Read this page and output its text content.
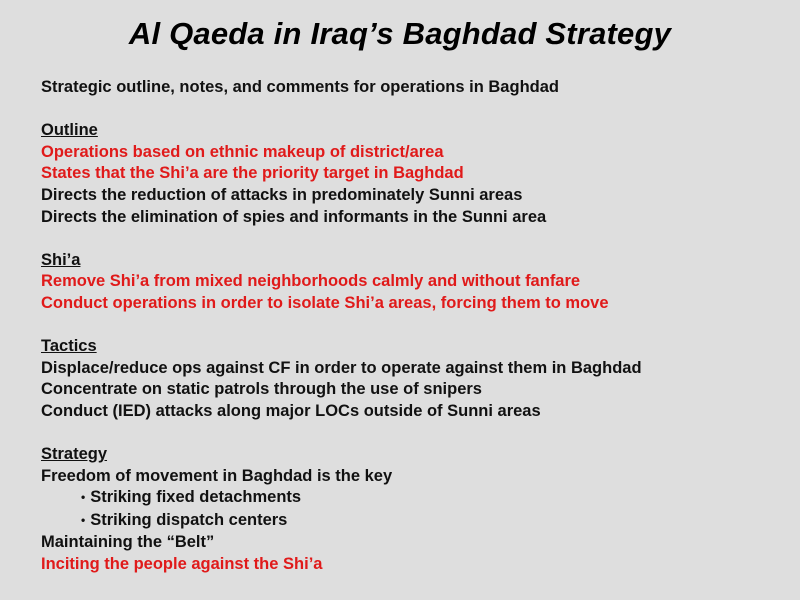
Al Qaeda in Iraq’s Baghdad Strategy
Strategic outline, notes, and comments for operations in Baghdad
Outline
Operations based on ethnic makeup of district/area
States that the Shi’a are the priority target in Baghdad
Directs the reduction of attacks in predominately Sunni areas
Directs the elimination of spies and informants in the Sunni area
Shi’a
Remove Shi’a from mixed neighborhoods calmly and without fanfare
Conduct operations in order to isolate Shi’a areas, forcing them to move
Tactics
Displace/reduce ops against CF in order to operate against them in Baghdad
Concentrate on static patrols through the use of snipers
Conduct (IED) attacks along major LOCs outside of Sunni areas
Strategy
Freedom of movement in Baghdad is the key
• Striking fixed detachments
• Striking dispatch centers
Maintaining the “Belt”
Inciting the people against the Shi’a
